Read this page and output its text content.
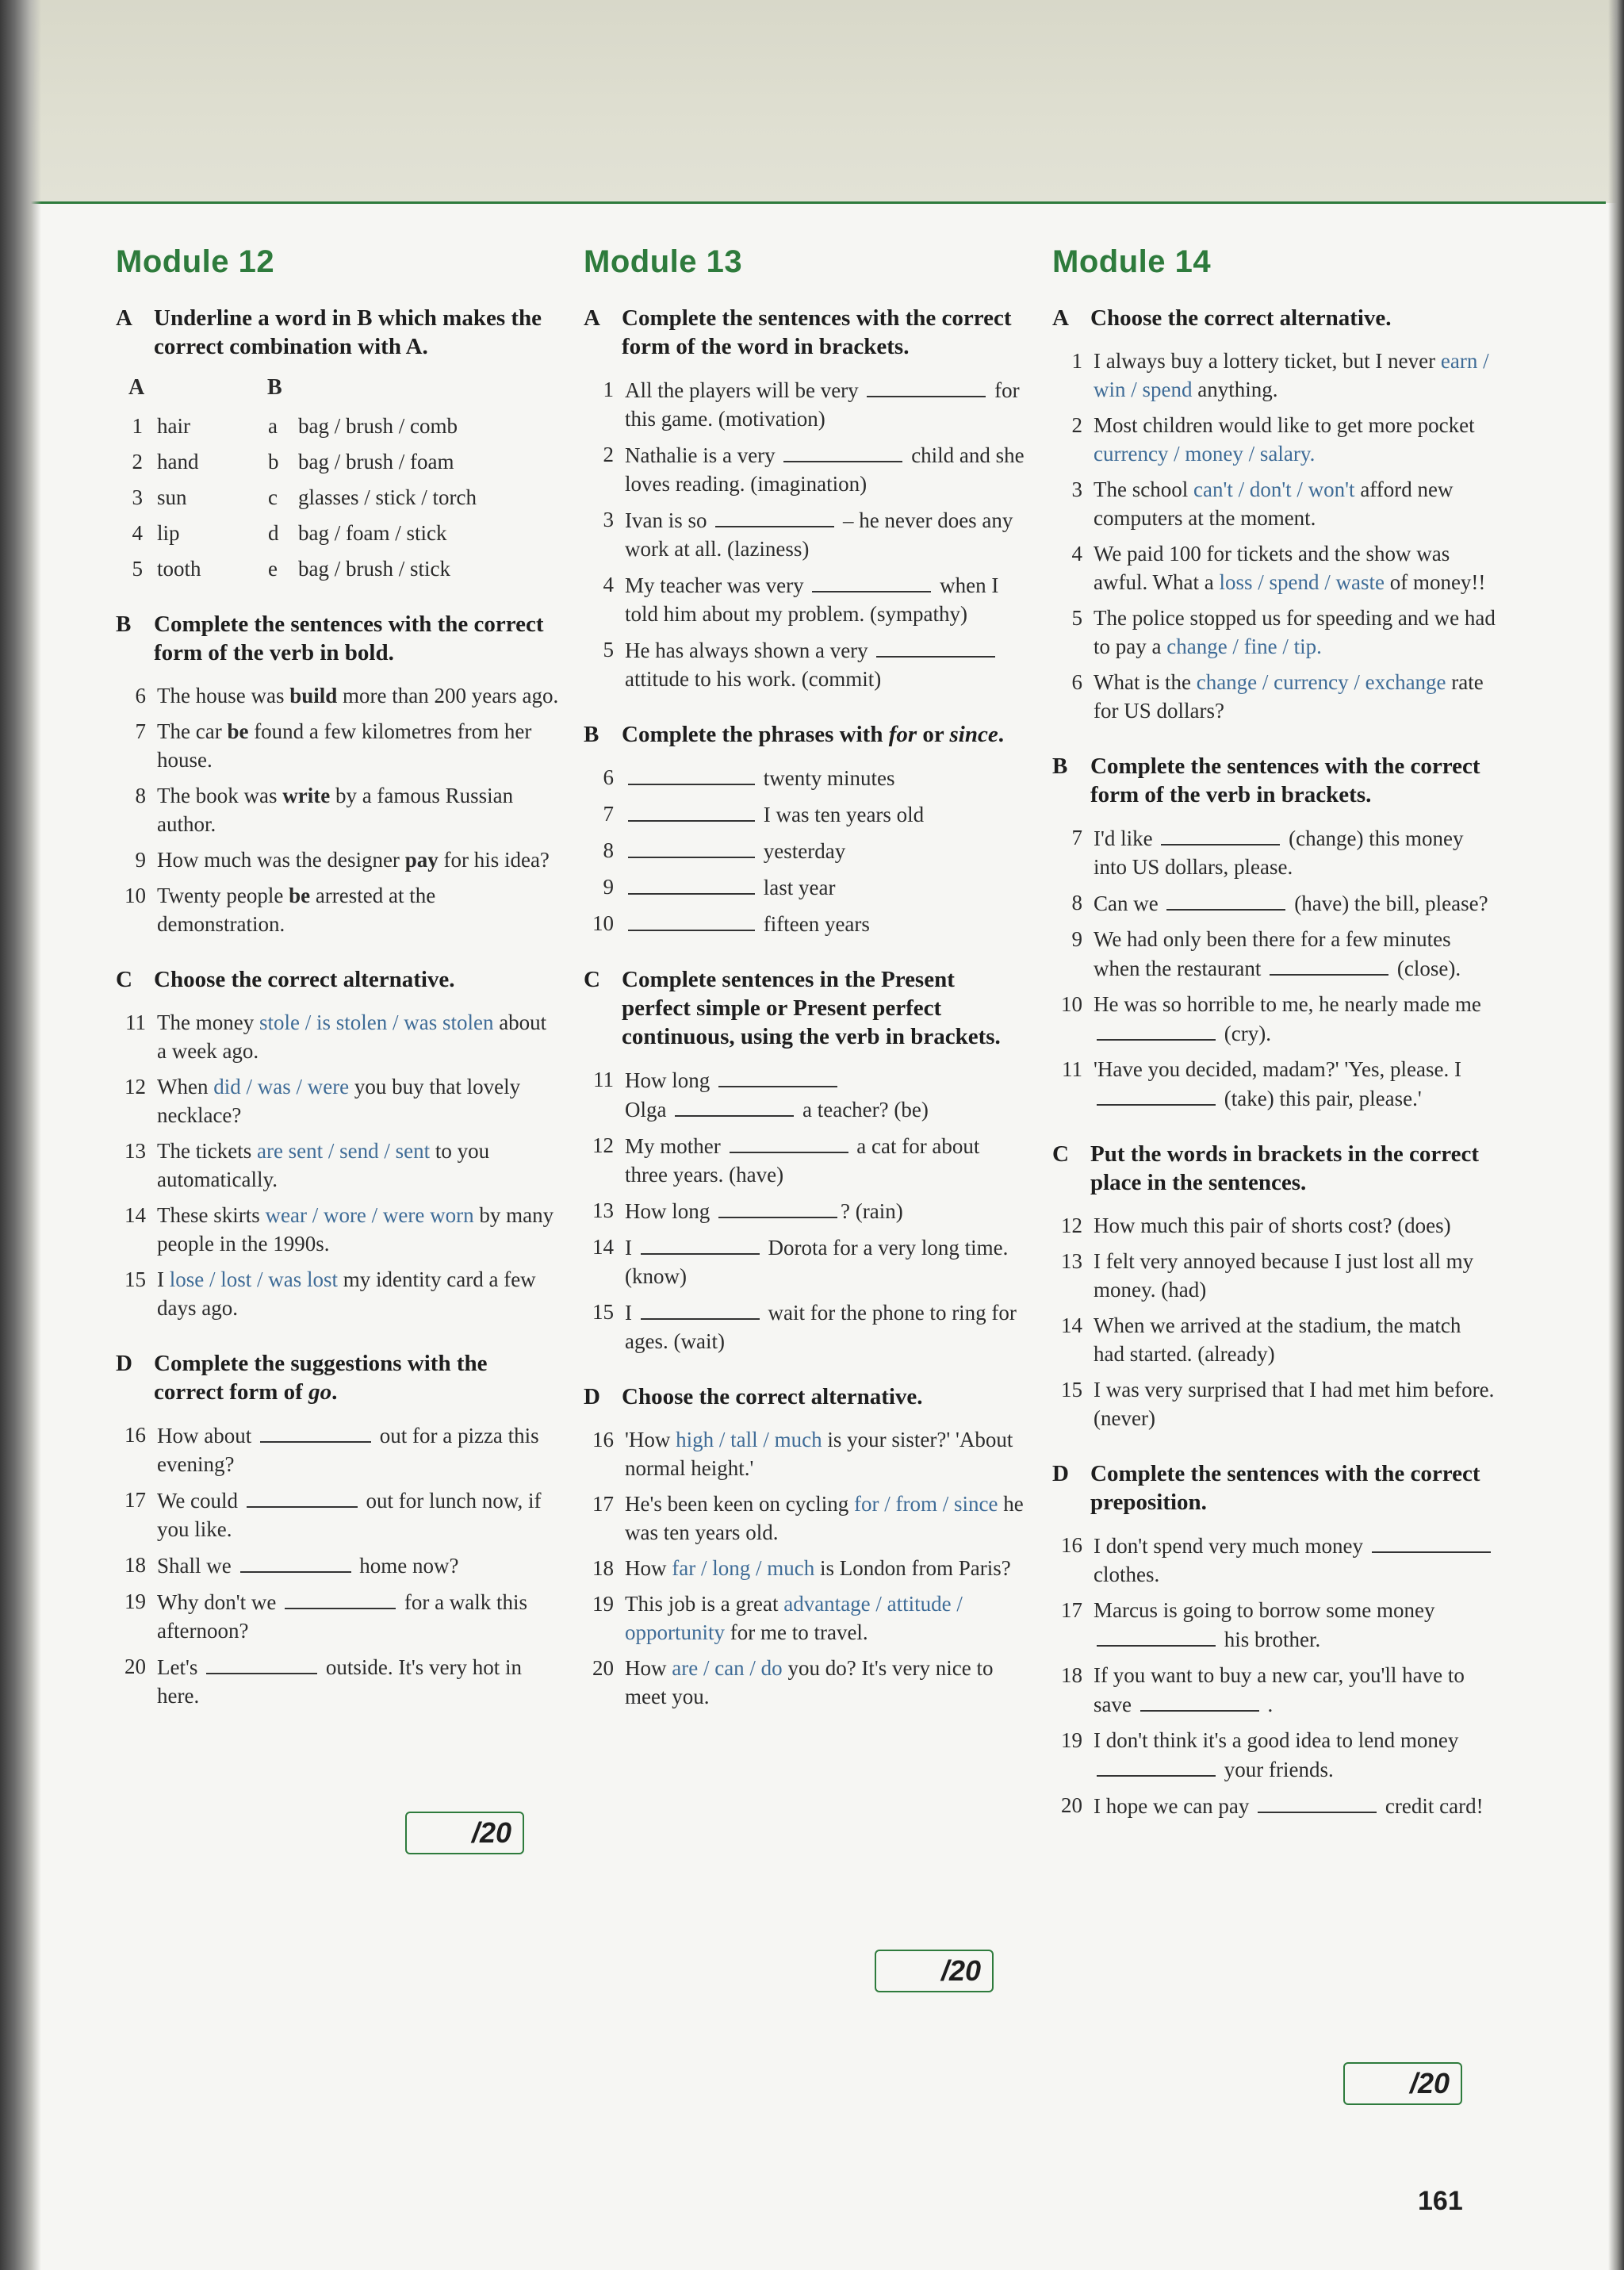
Module 12
A Underline a word in B which makes the correct combination with A.
A	B
1 hair	a bag / brush / comb
2 hand	b bag / brush / foam
3 sun	c glasses / stick / torch
4 lip	d bag / foam / stick
5 tooth	e bag / brush / stick
B Complete the sentences with the correct form of the verb in bold.
6 The house was build more than 200 years ago.
7 The car be found a few kilometres from her house.
8 The book was write by a famous Russian author.
9 How much was the designer pay for his idea?
10 Twenty people be arrested at the demonstration.
C Choose the correct alternative.
11 The money stole / is stolen / was stolen about a week ago.
12 When did / was / were you buy that lovely necklace?
13 The tickets are sent / send / sent to you automatically.
14 These skirts wear / wore / were worn by many people in the 1990s.
15 I lose / lost / was lost my identity card a few days ago.
D Complete the suggestions with the correct form of go.
16 How about	out for a pizza this evening?
17 We could	out for lunch now, if you like.
18 Shall we	home now?
19 Why don't we	for a walk this afternoon?
20 Let's	outside. It's very hot in here.
/20
Module 13
A Complete the sentences with the correct form of the word in brackets.
1 All the players will be very	for this game. (motivation)
2 Nathalie is a very	child and she loves reading. (imagination)
3 Ivan is so	– he never does any work at all. (laziness)
4 My teacher was very	when I told him about my problem. (sympathy)
5 He has always shown a very  attitude to his work. (commit)
B Complete the phrases with for or since.
6	twenty minutes
7	I was ten years old
8	yesterday
9	last year
10	fifteen years
C Complete sentences in the Present perfect simple or Present perfect continuous, using the verb in brackets.
11 How long
Olga	a teacher? (be)
12 My mother	a cat for about three years. (have)
13 How long	? (rain)
14 I	Dorota for a very long time. (know)
15 I	wait for the phone to ring for ages. (wait)
D Choose the correct alternative.
16 'How high / tall / much is your sister?' 'About normal height.'
17 He's been keen on cycling for / from / since he was ten years old.
18 How far / long / much is London from Paris?
19 This job is a great advantage / attitude / opportunity for me to travel.
20 How are / can / do you do? It's very nice to meet you.
/20
Module 14
A Choose the correct alternative.
1 I always buy a lottery ticket, but I never earn / win / spend anything.
2 Most children would like to get more pocket currency / money / salary.
3 The school can't / don't / won't afford new computers at the moment.
4 We paid 100 for tickets and the show was awful. What a loss / spend / waste of money!!
5 The police stopped us for speeding and we had to pay a change / fine / tip.
6 What is the change / currency / exchange rate for US dollars?
B Complete the sentences with the correct form of the verb in brackets.
7 I'd like	(change) this money into US dollars, please.
8 Can we	(have) the bill, please?
9 We had only been there for a few minutes when the restaurant	(close).
10 He was so horrible to me, he nearly made me  (cry).
11 'Have you decided, madam?' 'Yes, please. I  (take) this pair, please.'
C Put the words in brackets in the correct place in the sentences.
12 How much this pair of shorts cost? (does)
13 I felt very annoyed because I just lost all my money. (had)
14 When we arrived at the stadium, the match had started. (already)
15 I was very surprised that I had met him before. (never)
D Complete the sentences with the correct preposition.
16 I don't spend very much money  clothes.
17 Marcus is going to borrow some money  his brother.
18 If you want to buy a new car, you'll have to save	.
19 I don't think it's a good idea to lend money  your friends.
20 I hope we can pay	credit card!
/20
161
